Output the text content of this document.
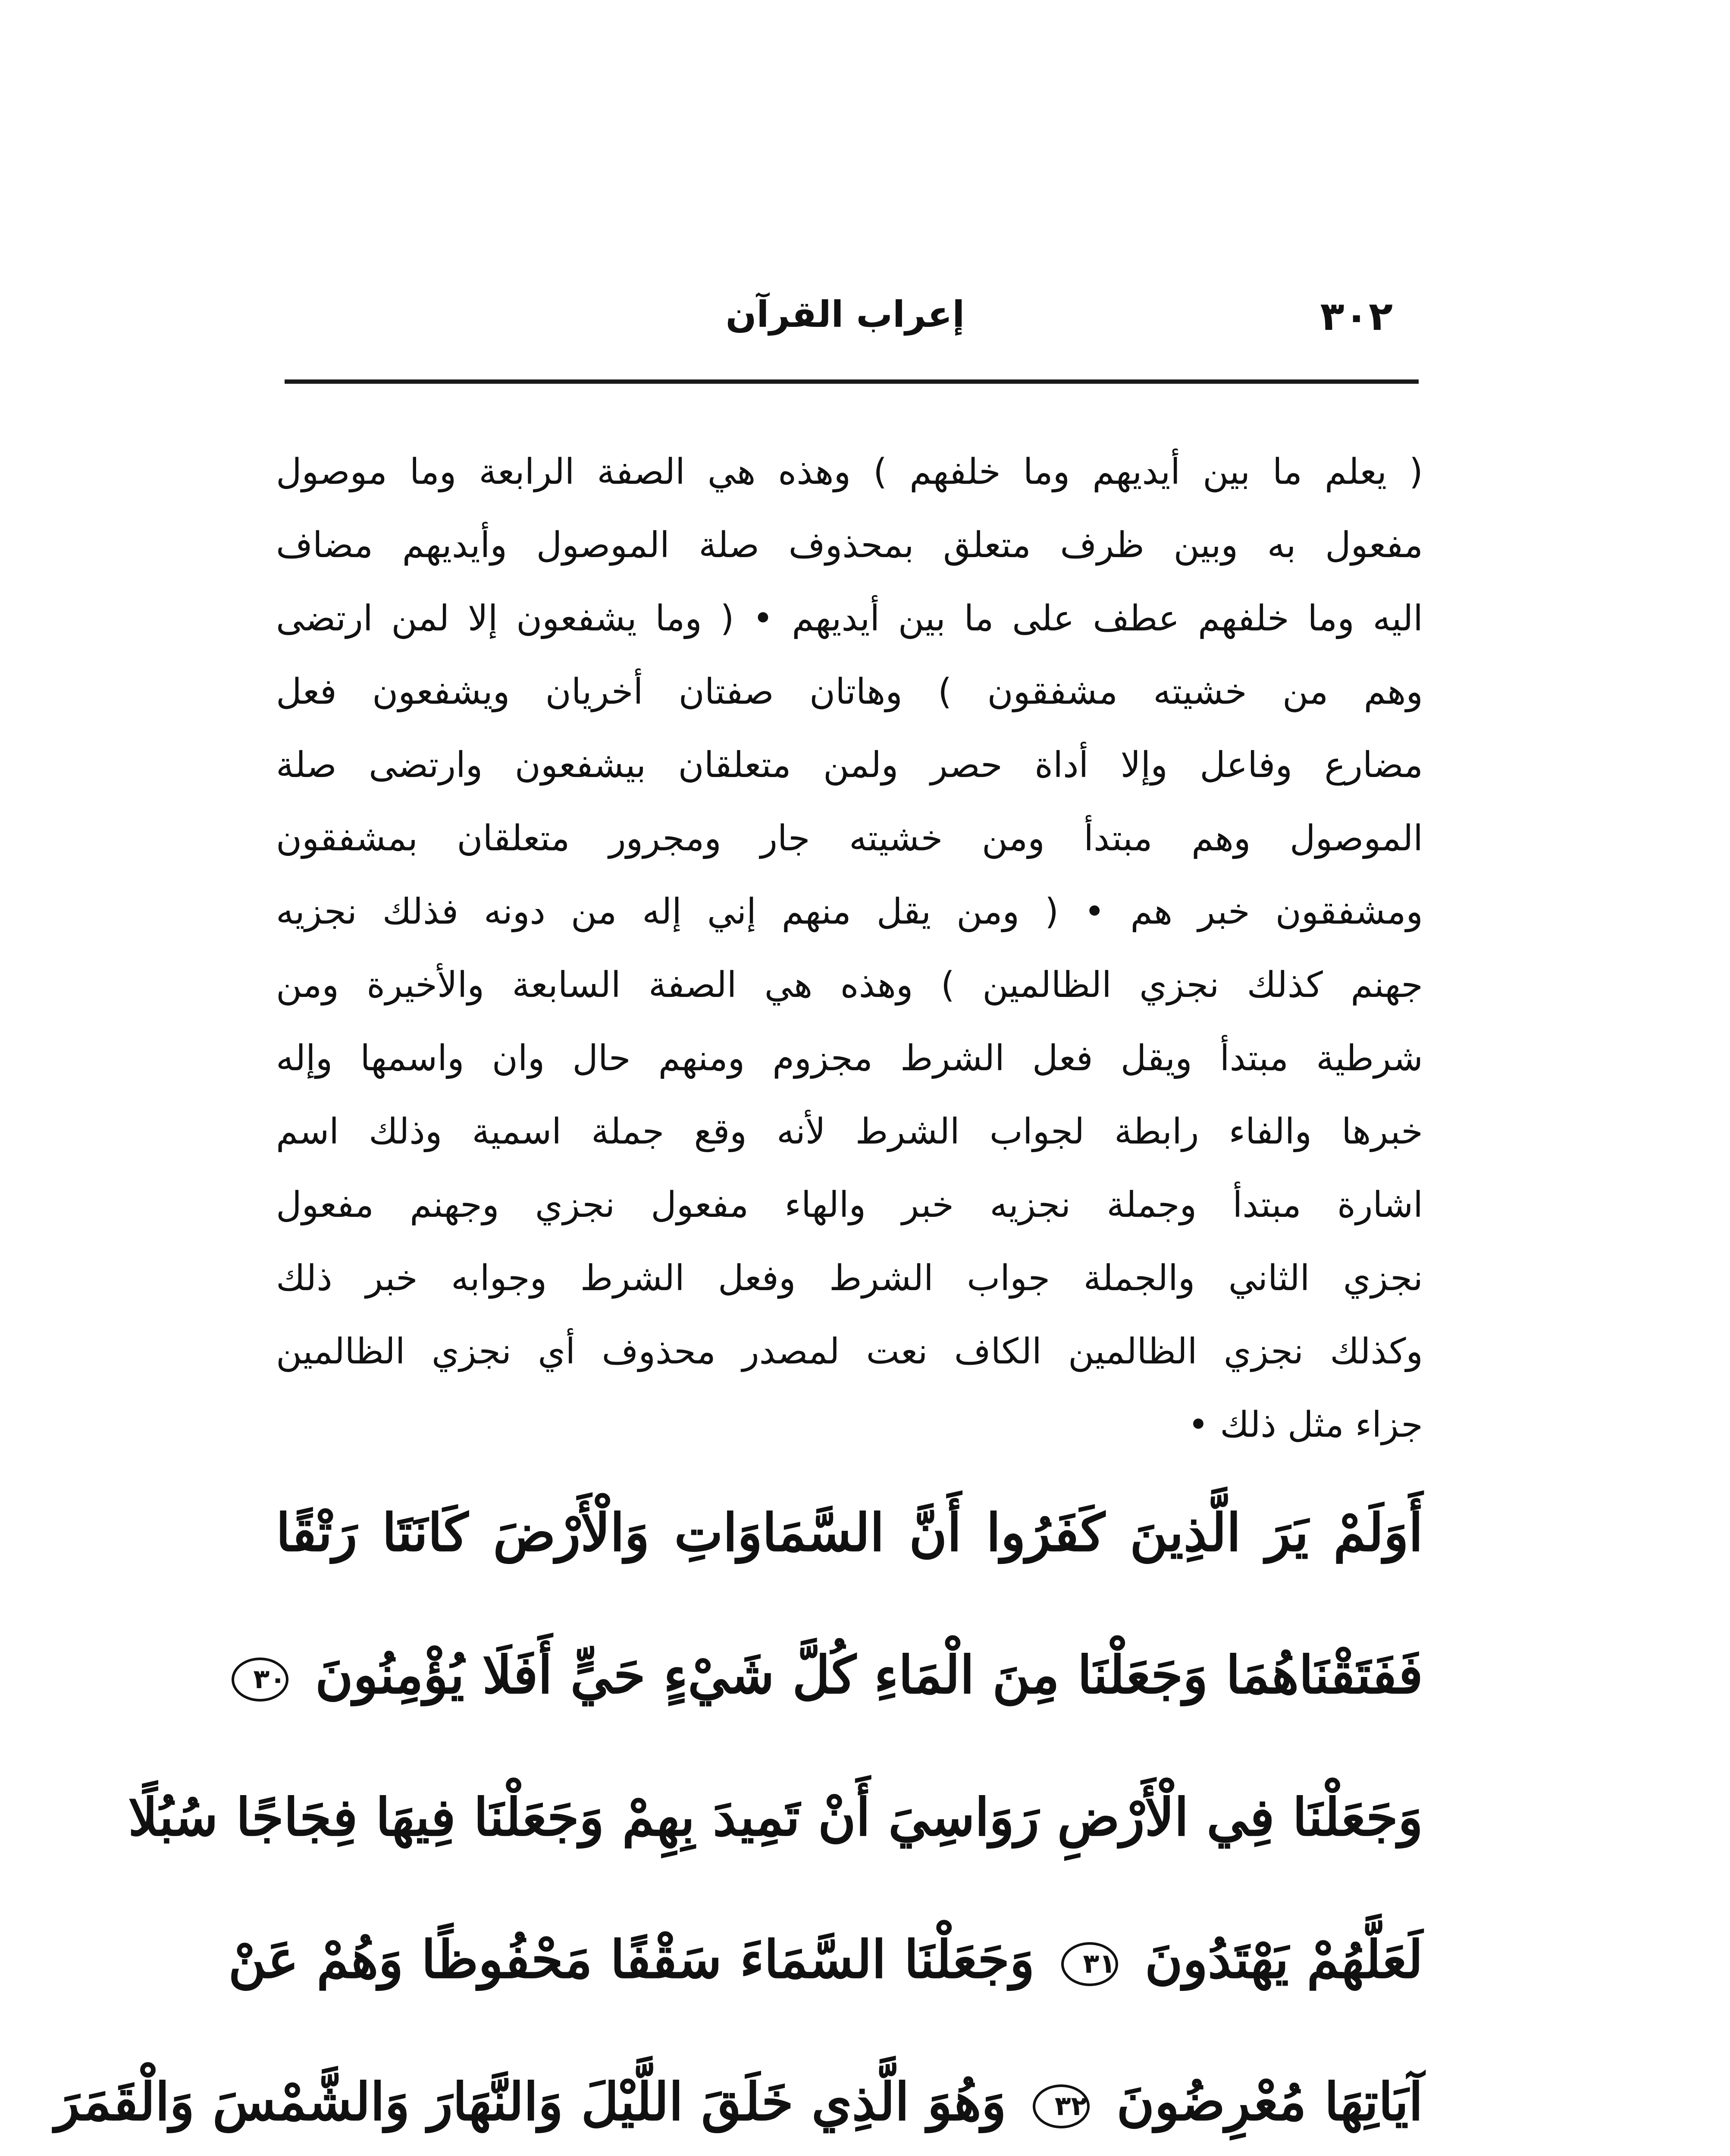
إعراب القرآن	٣٠٢
( يعلم ما بين أيديهم وما خلفهم ) وهذه هي الصفة الرابعة وما موصول
مفعول به وبين ظرف متعلق بمحذوف صلة الموصول وأيديهم مضاف
اليه وما خلفهم عطف على ما بين أيديهم • ( وما يشفعون إلا لمن ارتضى
وهم من خشيته مشفقون ) وهاتان صفتان أخريان ويشفعون فعل
مضارع وفاعل وإلا أداة حصر ولمن متعلقان بيشفعون وارتضى صلة
الموصول وهم مبتدأ ومن خشيته جار ومجرور متعلقان بمشفقون
ومشفقون خبر هم • ( ومن يقل منهم إني إله من دونه فذلك نجزيه
جهنم كذلك نجزي الظالمين ) وهذه هي الصفة السابعة والأخيرة ومن
شرطية مبتدأ ويقل فعل الشرط مجزوم ومنهم حال وان واسمها وإله
خبرها والفاء رابطة لجواب الشرط لأنه وقع جملة اسمية وذلك اسم
اشارة مبتدأ وجملة نجزيه خبر والهاء مفعول نجزي وجهنم مفعول
نجزي الثاني والجملة جواب الشرط وفعل الشرط وجوابه خبر ذلك
وكذلك نجزي الظالمين الكاف نعت لمصدر محذوف أي نجزي الظالمين
جزاء مثل ذلك •
أَوَلَمْ يَرَ الَّذِينَ كَفَرُوا أَنَّ السَّمَاوَاتِ وَالْأَرْضَ كَانَتَا رَتْقًا
فَفَتَقْنَاهُمَا وَجَعَلْنَا مِنَ الْمَاءِ كُلَّ شَيْءٍ حَيٍّ أَفَلَا يُؤْمِنُونَ ٣٠
وَجَعَلْنَا فِي الْأَرْضِ رَوَاسِيَ أَنْ تَمِيدَ بِهِمْ وَجَعَلْنَا فِيهَا فِجَاجًا سُبُلًا
لَعَلَّهُمْ يَهْتَدُونَ ٣١ وَجَعَلْنَا السَّمَاءَ سَقْفًا مَحْفُوظًا وَهُمْ عَنْ
آيَاتِهَا مُعْرِضُونَ ٣٢ وَهُوَ الَّذِي خَلَقَ اللَّيْلَ وَالنَّهَارَ وَالشَّمْسَ وَالْقَمَرَ
